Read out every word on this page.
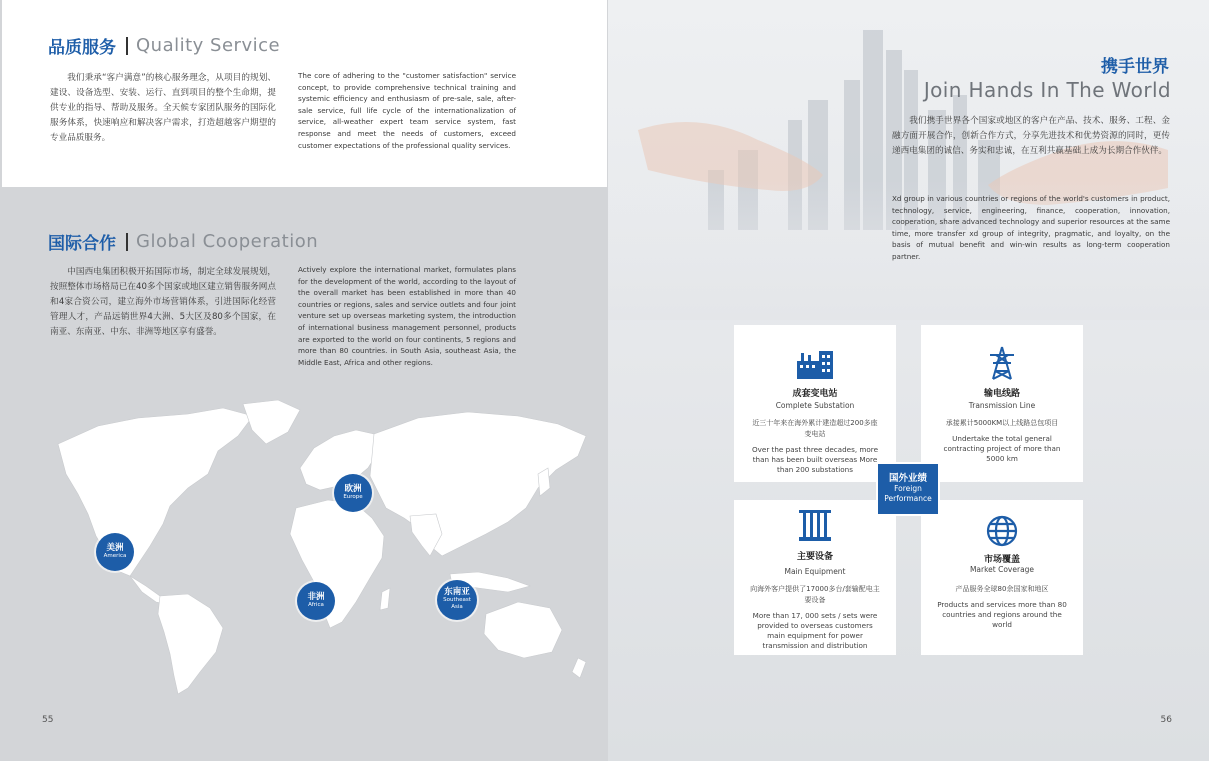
品质服务 Quality Service
我们秉承“客户满意”的核心服务理念，从项目的规划、建设、设备选型、安装、运行、直到项目的整个生命期，提供专业的指导、帮助及服务。全天候专家团队服务的国际化服务体系，快速响应和解决客户需求，打造超越客户期望的专业品质服务。
The core of adhering to the "customer satisfaction" service concept, to provide comprehensive technical training and systemic efficiency and enthusiasm of pre-sale, sale, after-sale service, full life cycle of the internationalization of service, all-weather expert team service system, fast response and meet the needs of customers, exceed customer expectations of the professional quality services.
国际合作 Global Cooperation
中国西电集团积极开拓国际市场，制定全球发展规划，按照整体市场格局已在40多个国家或地区建立销售服务网点和4家合资公司，建立海外市场营销体系，引进国际化经营管理人才，产品远销世界4大洲、5大区及80多个国家，在南亚、东南亚、中东、非洲等地区享有盛誉。
Actively explore the international market, formulates plans for the development of the world, according to the layout of the overall market has been established in more than 40 countries or regions, sales and service outlets and four joint venture set up overseas marketing system, the introduction of international business management personnel, products are exported to the world on four continents, 5 regions and more than 80 countries. in South Asia, southeast Asia, the Middle East, Africa and other regions.
欧洲
Europe
美洲
America
非洲
Africa
东南亚
Southeast Asia
55
携手世界
Join Hands In The World
我们携手世界各个国家或地区的客户在产品、技术、服务、工程、金融方面开展合作，创新合作方式，分享先进技术和优势资源的同时，更传递西电集团的诚信、务实和忠诚，在互利共赢基础上成为长期合作伙伴。
Xd group in various countries or regions of the world's customers in product, technology, service, engineering, finance, cooperation, innovation, cooperation, share advanced technology and superior resources at the same time, more transfer xd group of integrity, pragmatic, and loyalty, on the basis of mutual benefit and win-win results as long-term cooperation partner.
56
成套变电站
Complete Substation
近三十年来在海外累计建造超过200多座变电站
Over the past three decades, more than has been built overseas More than 200 substations
输电线路
Transmission Line
承接累计5000KM以上线路总包项目
Undertake the total general contracting project of more than 5000 km
主要设备
Main Equipment
向海外客户提供了17000多台/套输配电主要设备
More than 17, 000 sets / sets were provided to overseas customers main equipment for power transmission and distribution
市场覆盖
Market Coverage
产品服务全球80余国家和地区
Products and services more than 80 countries and regions around the world
国外业绩
Foreign Performance
